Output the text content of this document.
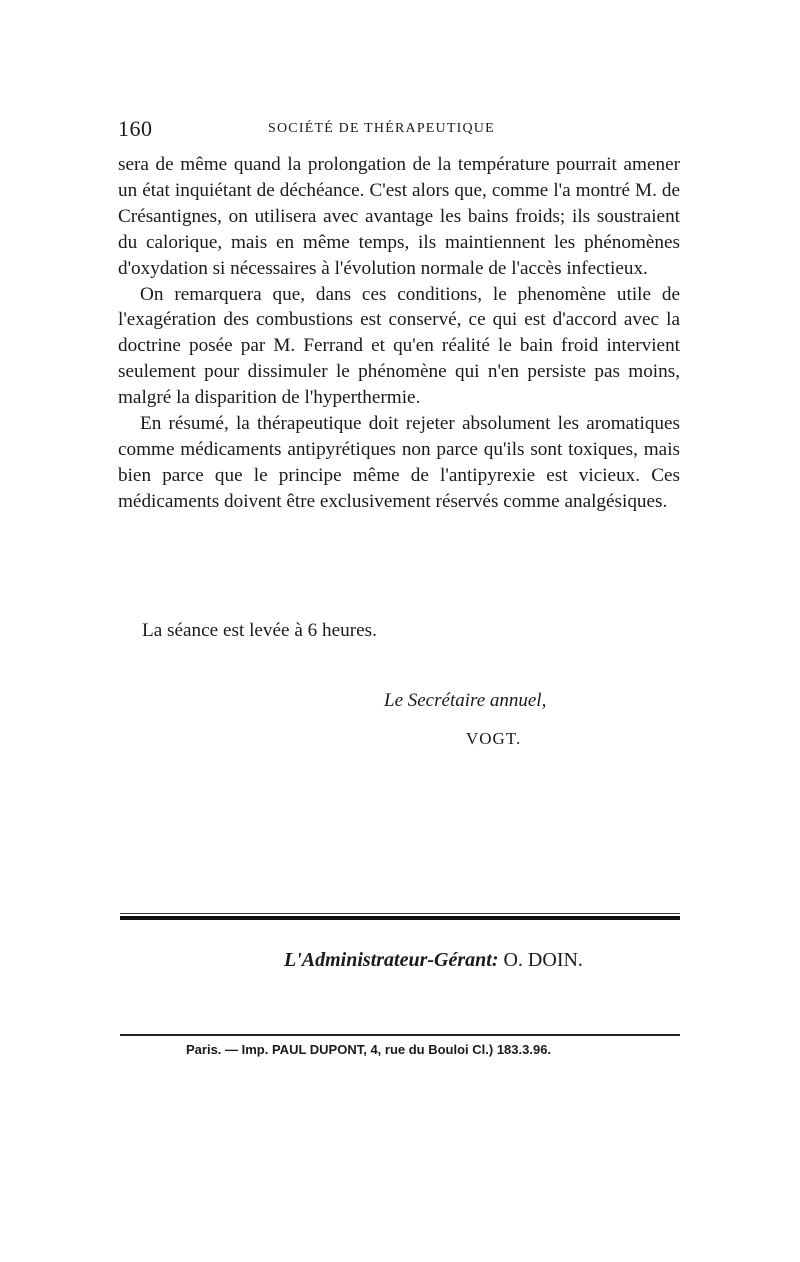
160	SOCIÉTÉ DE THÉRAPEUTIQUE

sera de même quand la prolongation de la température pourrait amener un état inquiétant de déchéance. C'est alors que, comme l'a montré M. de Crésantignes, on utilisera avec avantage les bains froids; ils soustraient du calorique, mais en même temps, ils maintiennent les phénomènes d'oxydation si nécessaires à l'évolution normale de l'accès infectieux.

On remarquera que, dans ces conditions, le phenomène utile de l'exagération des combustions est conservé, ce qui est d'accord avec la doctrine posée par M. Ferrand et qu'en réalité le bain froid intervient seulement pour dissimuler le phénomène qui n'en persiste pas moins, malgré la disparition de l'hyperthermie.

En résumé, la thérapeutique doit rejeter absolument les aromatiques comme médicaments antipyrétiques non parce qu'ils sont toxiques, mais bien parce que le principe même de l'antipyrexie est vicieux. Ces médicaments doivent être exclusivement réservés comme analgésiques.

La séance est levée à 6 heures.
Le Secrétaire annuel,
VOGT.
L'Administrateur-Gérant: O. DOIN.
Paris. — Imp. PAUL DUPONT, 4, rue du Bouloi Cl.) 183.3.96.
